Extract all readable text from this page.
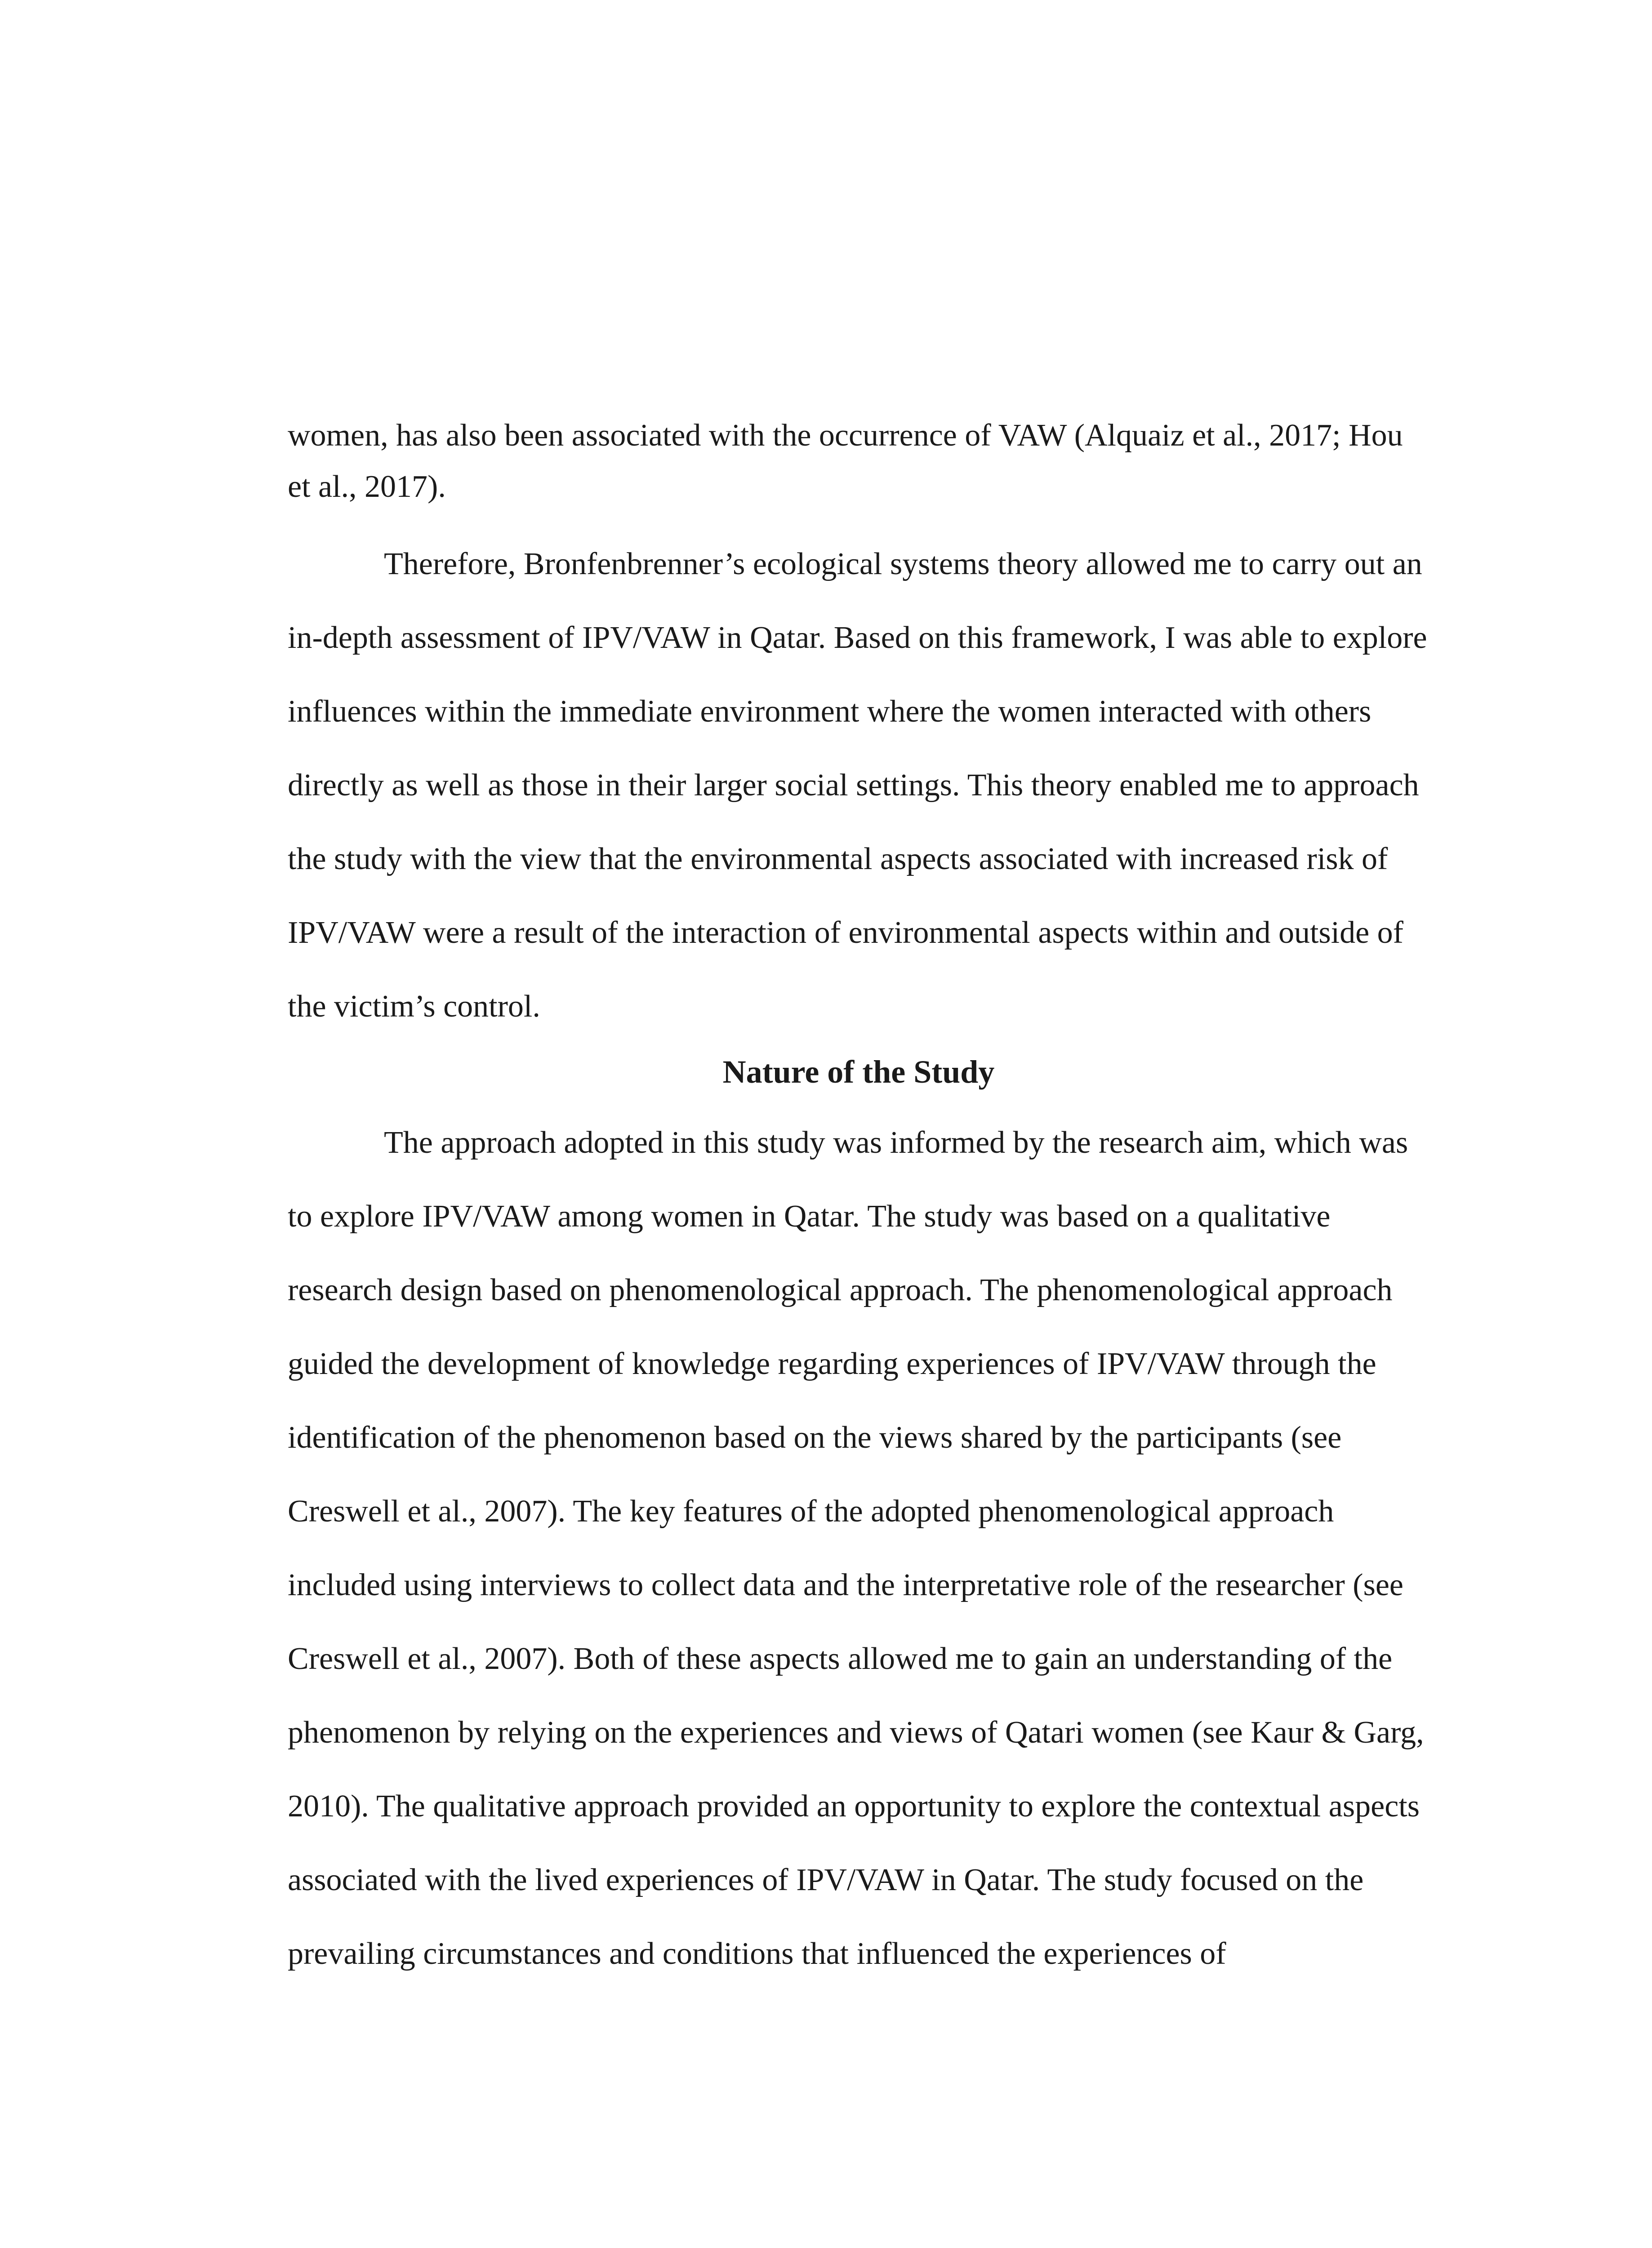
women, has also been associated with the occurrence of VAW (Alquaiz et al., 2017; Hou et al., 2017).

Therefore, Bronfenbrenner’s ecological systems theory allowed me to carry out an in-depth assessment of IPV/VAW in Qatar. Based on this framework, I was able to explore influences within the immediate environment where the women interacted with others directly as well as those in their larger social settings. This theory enabled me to approach the study with the view that the environmental aspects associated with increased risk of IPV/VAW were a result of the interaction of environmental aspects within and outside of the victim’s control.

Nature of the Study

The approach adopted in this study was informed by the research aim, which was to explore IPV/VAW among women in Qatar. The study was based on a qualitative research design based on phenomenological approach. The phenomenological approach guided the development of knowledge regarding experiences of IPV/VAW through the identification of the phenomenon based on the views shared by the participants (see Creswell et al., 2007). The key features of the adopted phenomenological approach included using interviews to collect data and the interpretative role of the researcher (see Creswell et al., 2007). Both of these aspects allowed me to gain an understanding of the phenomenon by relying on the experiences and views of Qatari women (see Kaur & Garg, 2010). The qualitative approach provided an opportunity to explore the contextual aspects associated with the lived experiences of IPV/VAW in Qatar. The study focused on the prevailing circumstances and conditions that influenced the experiences of
